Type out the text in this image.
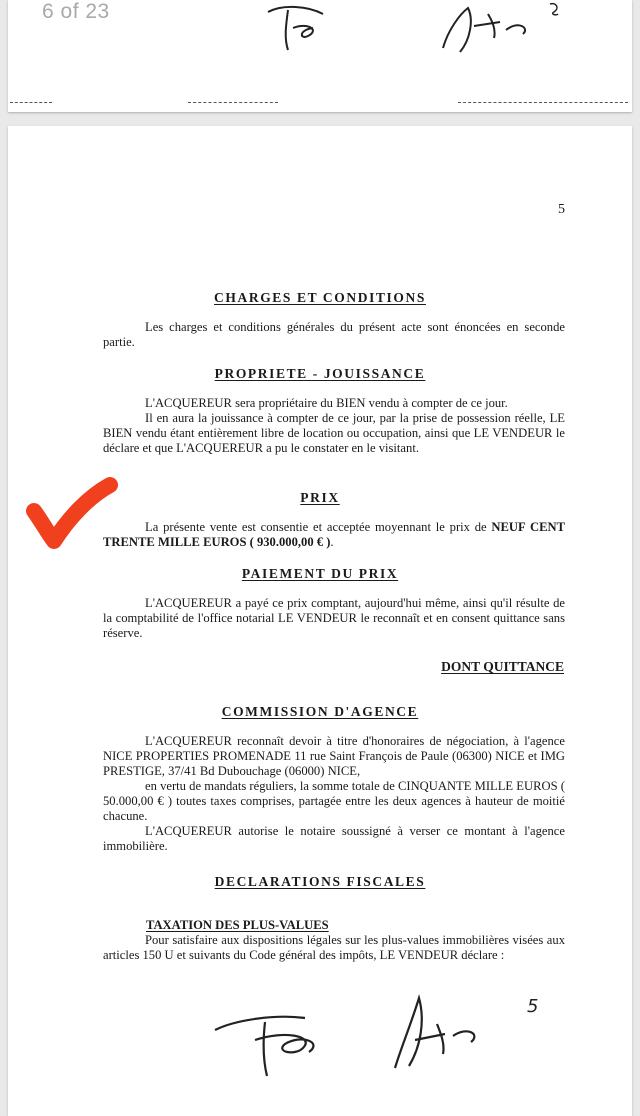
6 of 23
5
CHARGES ET CONDITIONS

Les charges et conditions générales du présent acte sont énoncées en seconde partie.

PROPRIETE - JOUISSANCE

L'ACQUEREUR sera propriétaire du BIEN vendu à compter de ce jour.

Il en aura la jouissance à compter de ce jour, par la prise de possession réelle, LE BIEN vendu étant entièrement libre de location ou occupation, ainsi que LE VENDEUR le déclare et que L'ACQUEREUR a pu le constater en le visitant.

PRIX

La présente vente est consentie et acceptée moyennant le prix de NEUF CENT TRENTE MILLE EUROS ( 930.000,00 € ).

PAIEMENT DU PRIX

L'ACQUEREUR a payé ce prix comptant, aujourd'hui même, ainsi qu'il résulte de la comptabilité de l'office notarial LE VENDEUR le reconnaît et en consent quittance sans réserve.

DONT QUITTANCE
COMMISSION D'AGENCE

L'ACQUEREUR reconnaît devoir à titre d'honoraires de négociation, à l'agence NICE PROPERTIES PROMENADE 11 rue Saint François de Paule (06300) NICE et IMG PRESTIGE, 37/41 Bd Dubouchage (06000) NICE,

en vertu de mandats réguliers, la somme totale de CINQUANTE MILLE EUROS ( 50.000,00 € ) toutes taxes comprises, partagée entre les deux agences à hauteur de moitié chacune.

L'ACQUEREUR autorise le notaire soussigné à verser ce montant à l'agence immobilière.

DECLARATIONS FISCALES
TAXATION DES PLUS-VALUES

Pour satisfaire aux dispositions légales sur les plus-values immobilières visées aux articles 150 U et suivants du Code général des impôts, LE VENDEUR déclare :

5
